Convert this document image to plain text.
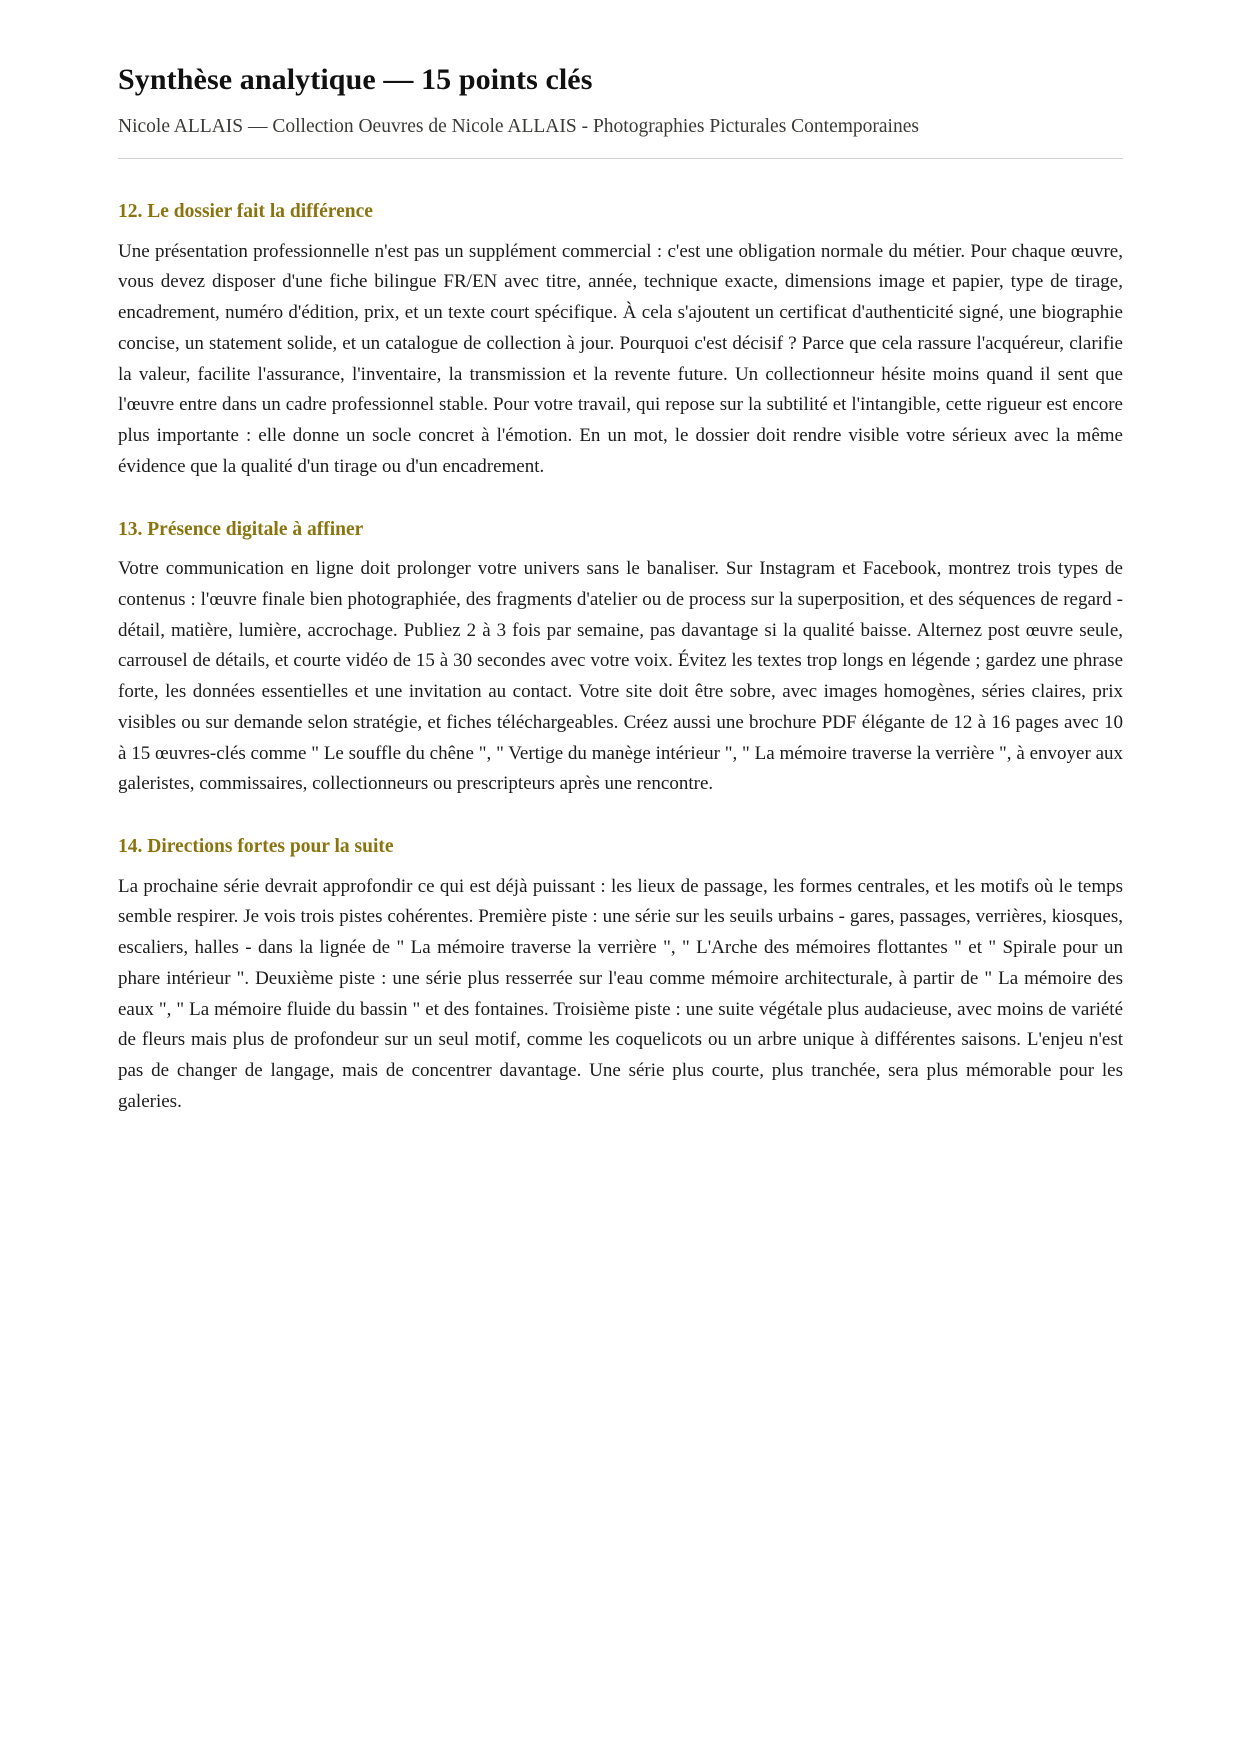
Synthèse analytique — 15 points clés

Nicole ALLAIS — Collection Oeuvres de Nicole ALLAIS - Photographies Picturales Contemporaines

12. Le dossier fait la différence

Une présentation professionnelle n'est pas un supplément commercial : c'est une obligation normale du métier. Pour chaque œuvre, vous devez disposer d'une fiche bilingue FR/EN avec titre, année, technique exacte, dimensions image et papier, type de tirage, encadrement, numéro d'édition, prix, et un texte court spécifique. À cela s'ajoutent un certificat d'authenticité signé, une biographie concise, un statement solide, et un catalogue de collection à jour. Pourquoi c'est décisif ? Parce que cela rassure l'acquéreur, clarifie la valeur, facilite l'assurance, l'inventaire, la transmission et la revente future. Un collectionneur hésite moins quand il sent que l'œuvre entre dans un cadre professionnel stable. Pour votre travail, qui repose sur la subtilité et l'intangible, cette rigueur est encore plus importante : elle donne un socle concret à l'émotion. En un mot, le dossier doit rendre visible votre sérieux avec la même évidence que la qualité d'un tirage ou d'un encadrement.

13. Présence digitale à affiner

Votre communication en ligne doit prolonger votre univers sans le banaliser. Sur Instagram et Facebook, montrez trois types de contenus : l'œuvre finale bien photographiée, des fragments d'atelier ou de process sur la superposition, et des séquences de regard - détail, matière, lumière, accrochage. Publiez 2 à 3 fois par semaine, pas davantage si la qualité baisse. Alternez post œuvre seule, carrousel de détails, et courte vidéo de 15 à 30 secondes avec votre voix. Évitez les textes trop longs en légende ; gardez une phrase forte, les données essentielles et une invitation au contact. Votre site doit être sobre, avec images homogènes, séries claires, prix visibles ou sur demande selon stratégie, et fiches téléchargeables. Créez aussi une brochure PDF élégante de 12 à 16 pages avec 10 à 15 œuvres-clés comme " Le souffle du chêne ", " Vertige du manège intérieur ", " La mémoire traverse la verrière ", à envoyer aux galeristes, commissaires, collectionneurs ou prescripteurs après une rencontre.

14. Directions fortes pour la suite

La prochaine série devrait approfondir ce qui est déjà puissant : les lieux de passage, les formes centrales, et les motifs où le temps semble respirer. Je vois trois pistes cohérentes. Première piste : une série sur les seuils urbains - gares, passages, verrières, kiosques, escaliers, halles - dans la lignée de " La mémoire traverse la verrière ", " L'Arche des mémoires flottantes " et " Spirale pour un phare intérieur ". Deuxième piste : une série plus resserrée sur l'eau comme mémoire architecturale, à partir de " La mémoire des eaux ", " La mémoire fluide du bassin " et des fontaines. Troisième piste : une suite végétale plus audacieuse, avec moins de variété de fleurs mais plus de profondeur sur un seul motif, comme les coquelicots ou un arbre unique à différentes saisons. L'enjeu n'est pas de changer de langage, mais de concentrer davantage. Une série plus courte, plus tranchée, sera plus mémorable pour les galeries.
